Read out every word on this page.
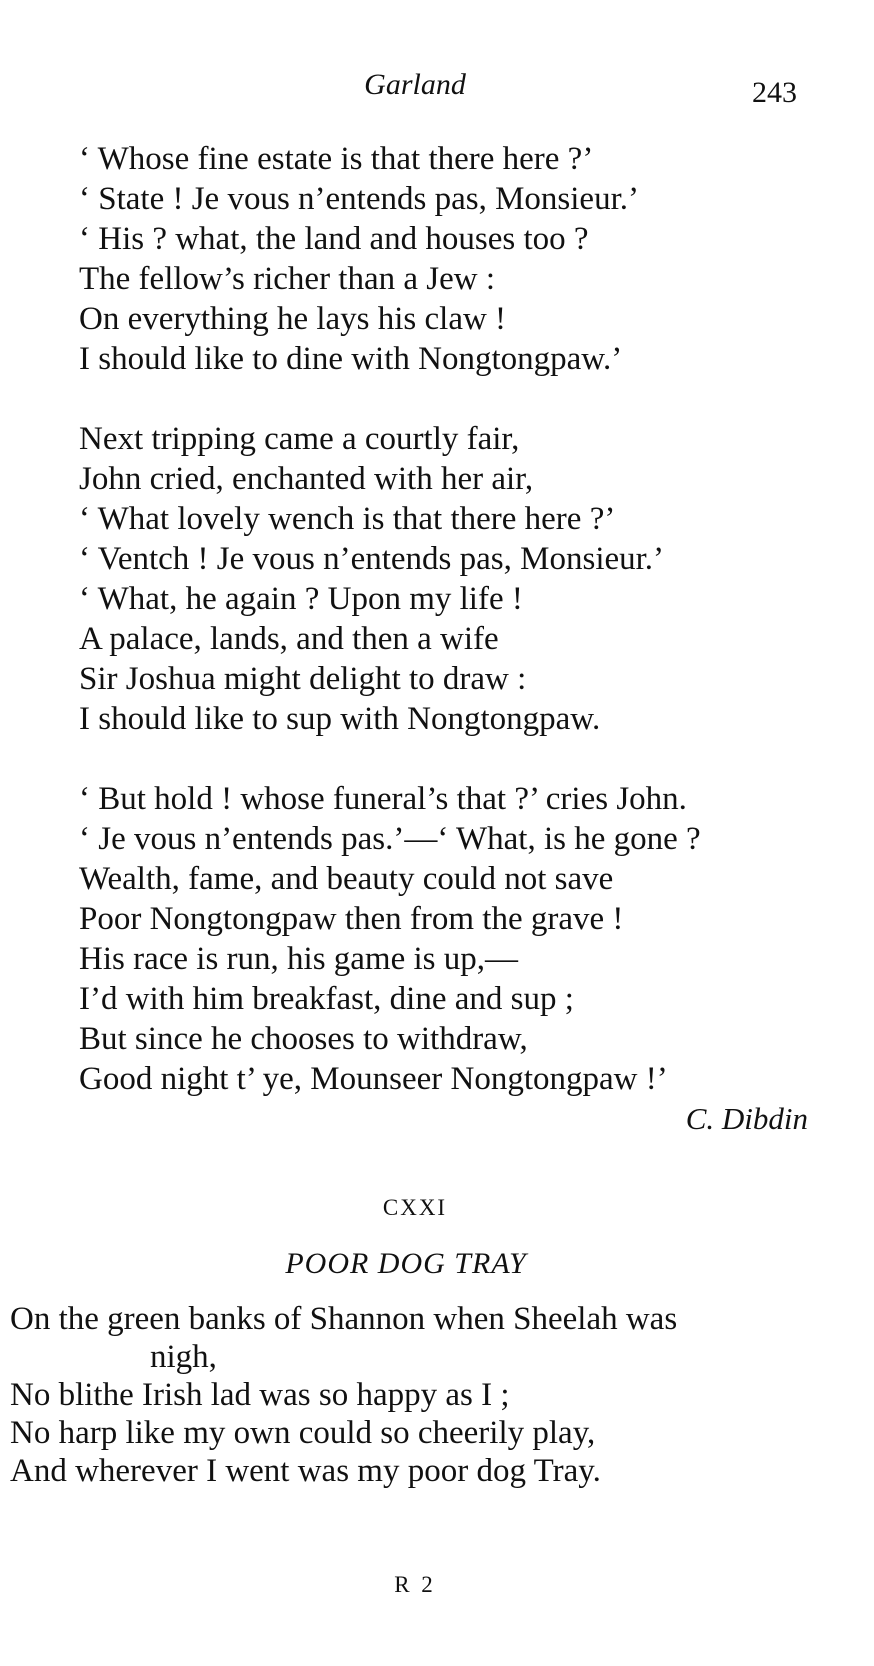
Garland	243
‘ Whose fine estate is that there here ?’
‘ State ! Je vous n’entends pas, Monsieur.’
‘ His ? what, the land and houses too ?
The fellow’s richer than a Jew :
On everything he lays his claw !
I should like to dine with Nongtongpaw.’
Next tripping came a courtly fair,
John cried, enchanted with her air,
‘ What lovely wench is that there here ?’
‘ Ventch ! Je vous n’entends pas, Monsieur.’
‘ What, he again ? Upon my life !
A palace, lands, and then a wife
Sir Joshua might delight to draw :
I should like to sup with Nongtongpaw.
‘ But hold ! whose funeral’s that ?’ cries John.
‘ Je vous n’entends pas.’—‘ What, is he gone ?
Wealth, fame, and beauty could not save
Poor Nongtongpaw then from the grave !
His race is run, his game is up,—
I’d with him breakfast, dine and sup ;
But since he chooses to withdraw,
Good night t’ ye, Mounseer Nongtongpaw !’
C. Dibdin
CXXI
POOR DOG TRAY
On the green banks of Shannon when Sheelah was
nigh,
No blithe Irish lad was so happy as I ;
No harp like my own could so cheerily play,
And wherever I went was my poor dog Tray.
R 2
